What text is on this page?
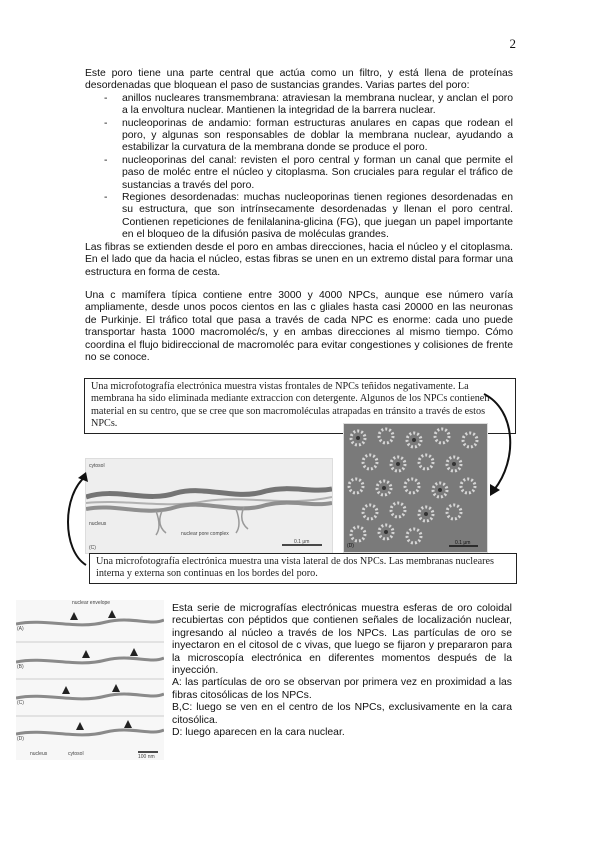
2
Este poro tiene una parte central que actúa como un filtro, y está llena de proteínas desordenadas que bloquean el paso de sustancias grandes. Varias partes del poro:
- anillos nucleares transmembrana: atraviesan la membrana nuclear, y anclan el poro a la envoltura nuclear. Mantienen la integridad de la barrera nuclear.
- nucleoporinas de andamio: forman estructuras anulares en capas que rodean el poro, y algunas son responsables de doblar la membrana nuclear, ayudando a estabilizar la curvatura de la membrana donde se produce el poro.
- nucleoporinas del canal: revisten el poro central y forman un canal que permite el paso de moléc entre el núcleo y citoplasma. Son cruciales para regular el tráfico de sustancias a través del poro.
- Regiones desordenadas: muchas nucleoporinas tienen regiones desordenadas en su estructura, que son intrínsecamente desordenadas y llenan el poro central. Contienen repeticiones de fenilalanina-glicina (FG), que juegan un papel importante en el bloqueo de la difusión pasiva de moléculas grandes.
Las fibras se extienden desde el poro en ambas direcciones, hacia el núcleo y el citoplasma. En el lado que da hacia el núcleo, estas fibras se unen en un extremo distal para formar una estructura en forma de cesta.
Una c mamífera típica contiene entre 3000 y 4000 NPCs, aunque ese número varía ampliamente, desde unos pocos cientos en las c gliales hasta casi 20000 en las neuronas de Purkinje. El tráfico total que pasa a través de cada NPC es enorme: cada uno puede transportar hasta 1000 macromoléc/s, y en ambas direcciones al mismo tiempo. Cómo coordina el flujo bidireccional de macromoléc para evitar congestiones y colisiones de frente no se conoce.
Una microfotografía electrónica muestra vistas frontales de NPCs teñidos negativamente. La membrana ha sido eliminada mediante extraccion con detergente. Algunos de los NPCs contienen material en su centro, que se cree que son macromoléculas atrapadas en tránsito a través de estos NPCs.
cytosol
nucleus
nuclear pore complex
(C)
0.1 μm
(D)	0.1 μm
Una microfotografía electrónica muestra una vista lateral de dos NPCs. Las membranas nucleares interna y externa son continuas en los bordes del poro.
nuclear envelope
(A)
(B)
(C)
(D)
nucleus	cytosol	100 nm
Esta serie de micrografías electrónicas muestra esferas de oro coloidal recubiertas con péptidos que contienen señales de localización nuclear, ingresando al núcleo a través de los NPCs. Las partículas de oro se inyectaron en el citosol de c vivas, que luego se fijaron y prepararon para la microscopía electrónica en diferentes momentos después de la inyección.
A: las partículas de oro se observan por primera vez en proximidad a las fibras citosólicas de los NPCs.
B,C: luego se ven en el centro de los NPCs, exclusivamente en la cara citosólica.
D: luego aparecen en la cara nuclear.
